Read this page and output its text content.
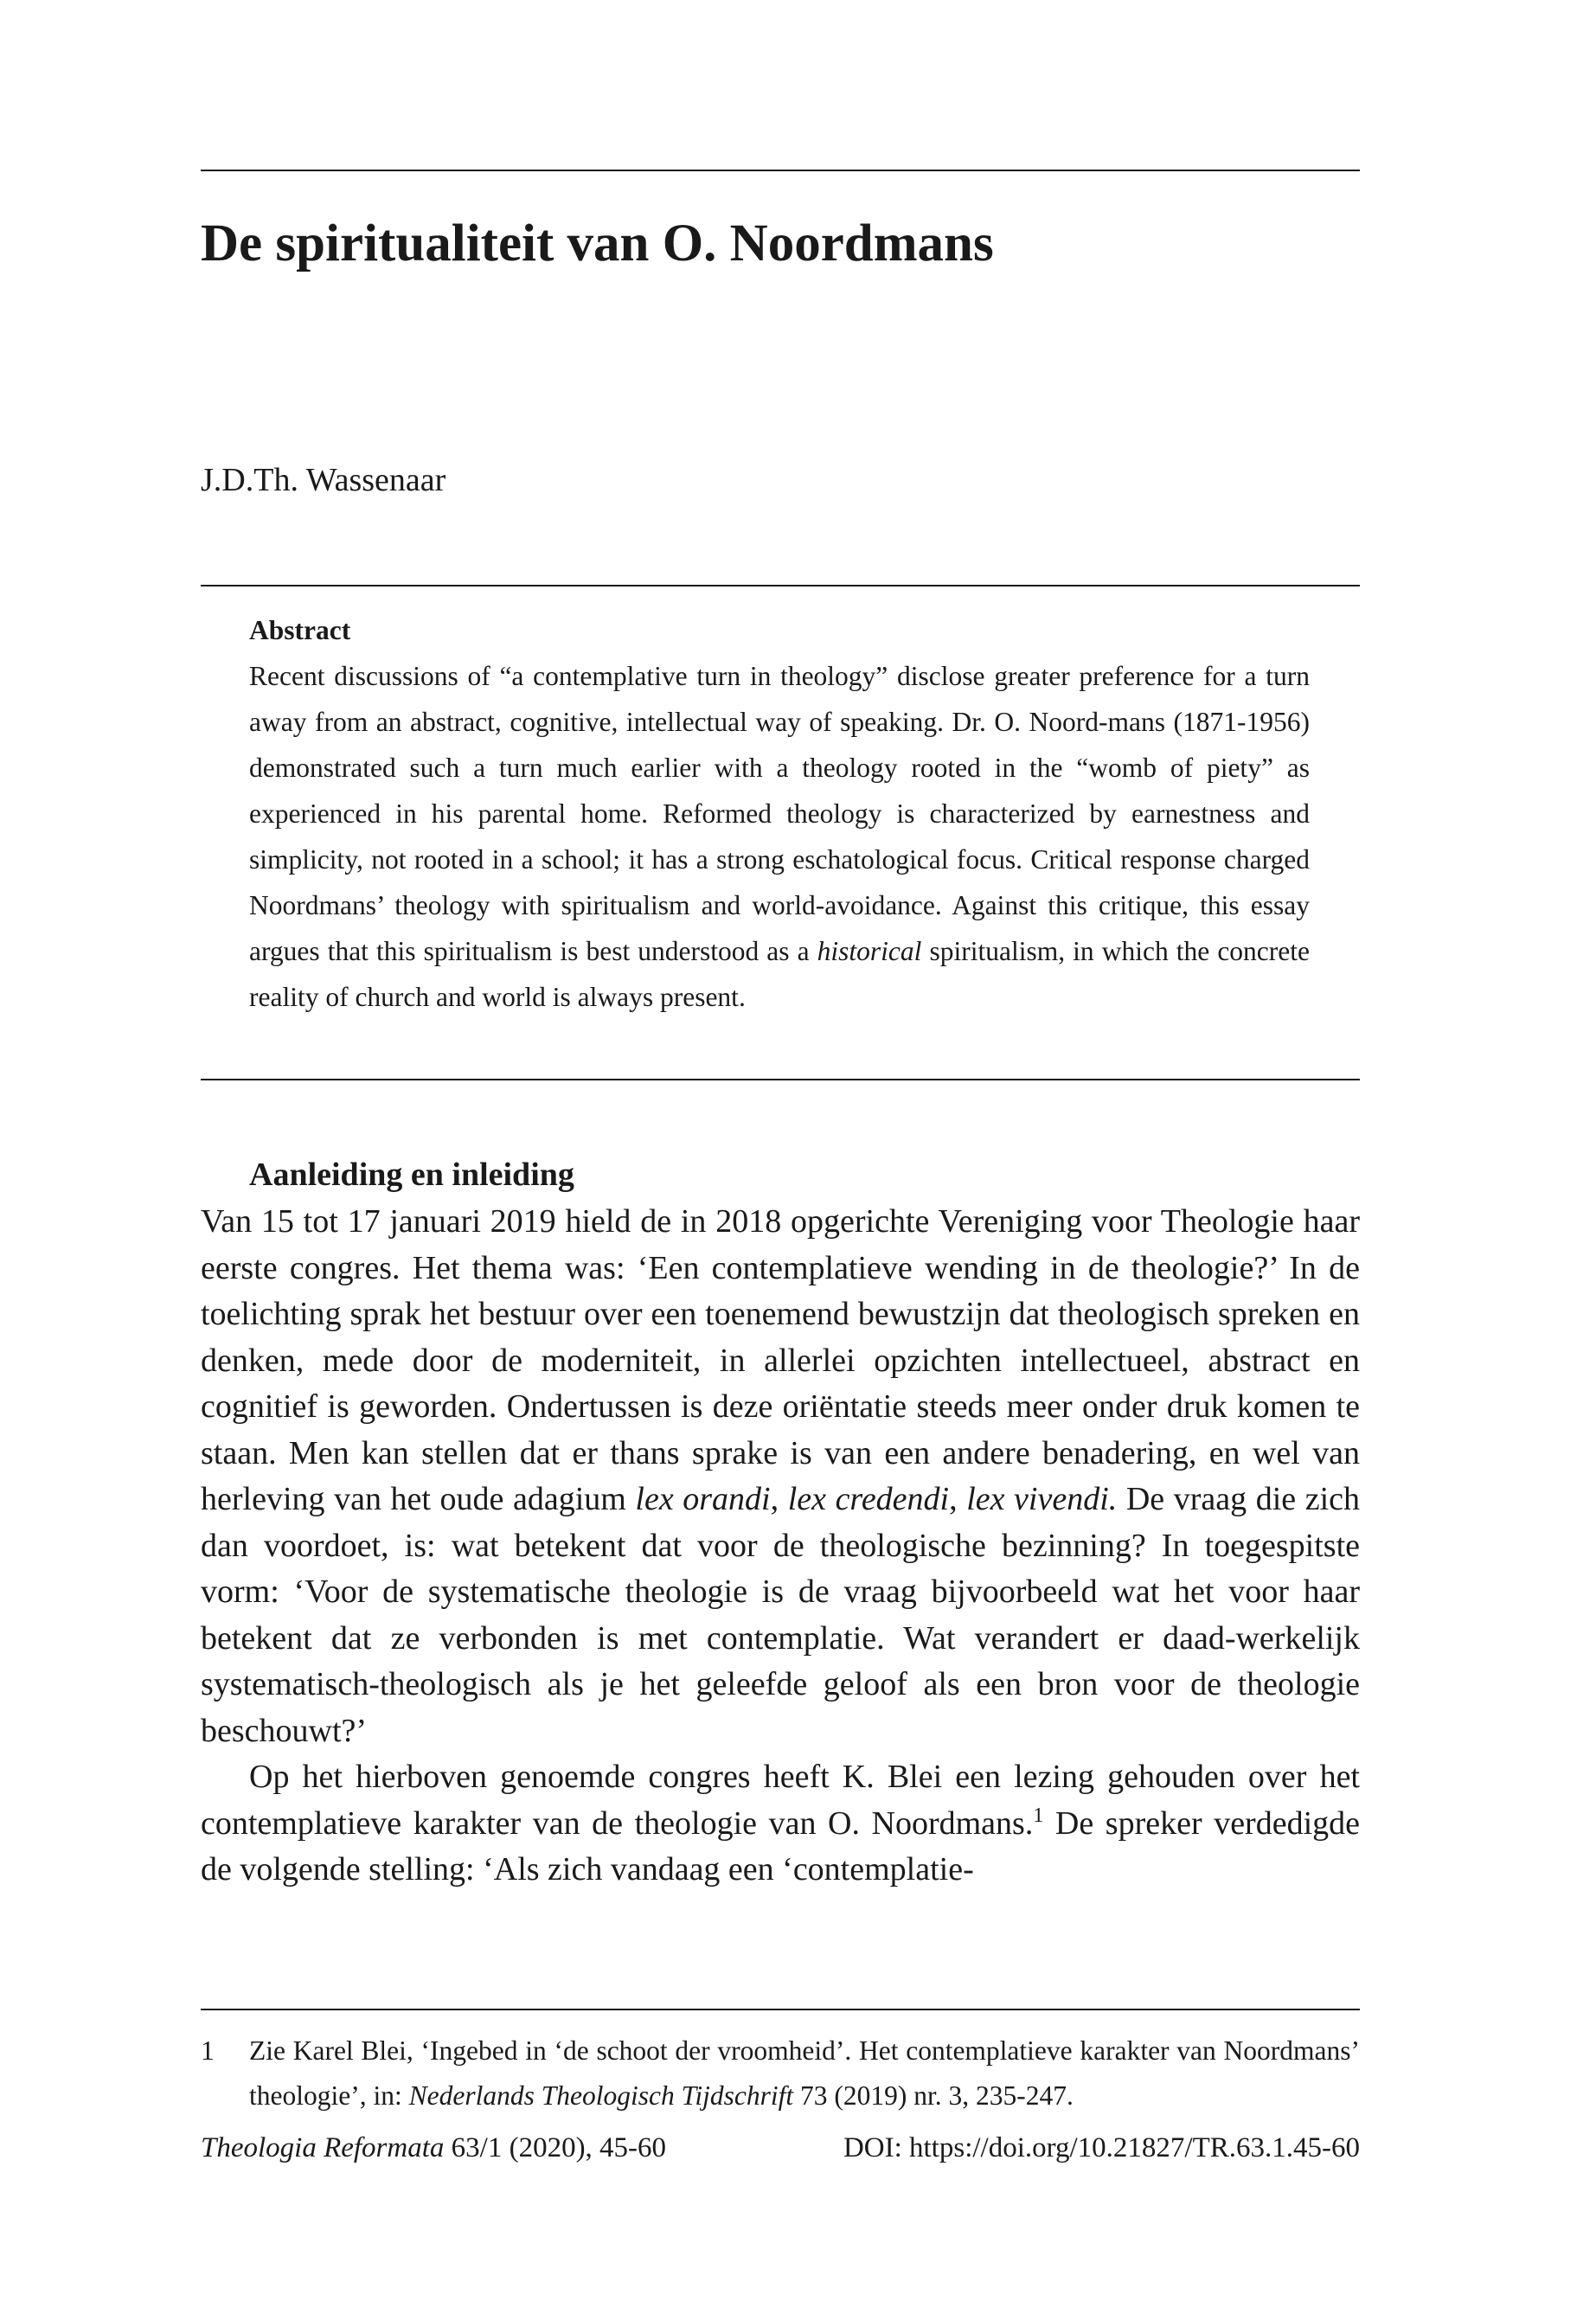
De spiritualiteit van O. Noordmans
J.D.Th. Wassenaar
Abstract
Recent discussions of “a contemplative turn in theology” disclose greater preference for a turn away from an abstract, cognitive, intellectual way of speaking. Dr. O. Noord-mans (1871-1956) demonstrated such a turn much earlier with a theology rooted in the “womb of piety” as experienced in his parental home. Reformed theology is characterized by earnestness and simplicity, not rooted in a school; it has a strong eschatological focus. Critical response charged Noordmans’ theology with spiritualism and world-avoidance. Against this critique, this essay argues that this spiritualism is best understood as a historical spiritualism, in which the concrete reality of church and world is always present.
Aanleiding en inleiding

Van 15 tot 17 januari 2019 hield de in 2018 opgerichte Vereniging voor Theologie haar eerste congres. Het thema was: ‘Een contemplatieve wending in de theologie?’ In de toelichting sprak het bestuur over een toenemend bewustzijn dat theologisch spreken en denken, mede door de moderniteit, in allerlei opzichten intellectueel, abstract en cognitief is geworden. Ondertussen is deze oriëntatie steeds meer onder druk komen te staan. Men kan stellen dat er thans sprake is van een andere benadering, en wel van herleving van het oude adagium lex orandi, lex credendi, lex vivendi. De vraag die zich dan voordoet, is: wat betekent dat voor de theologische bezinning? In toegespitste vorm: ‘Voor de systematische theologie is de vraag bijvoorbeeld wat het voor haar betekent dat ze verbonden is met contemplatie. Wat verandert er daad-werkelijk systematisch-theologisch als je het geleefde geloof als een bron voor de theologie beschouwt?’

Op het hierboven genoemde congres heeft K. Blei een lezing gehouden over het contemplatieve karakter van de theologie van O. Noordmans.$^1$ De spreker verdedigde de volgende stelling: ‘Als zich vandaag een ‘contemplatie-

1 Zie Karel Blei, ‘Ingebed in ‘de schoot der vroomheid’. Het contemplatieve karakter van Noordmans’ theologie’, in: Nederlands Theologisch Tijdschrift 73 (2019) nr. 3, 235-247.
Theologia Reformata 63/1 (2020), 45-60	DOI: https://doi.org/10.21827/TR.63.1.45-60
